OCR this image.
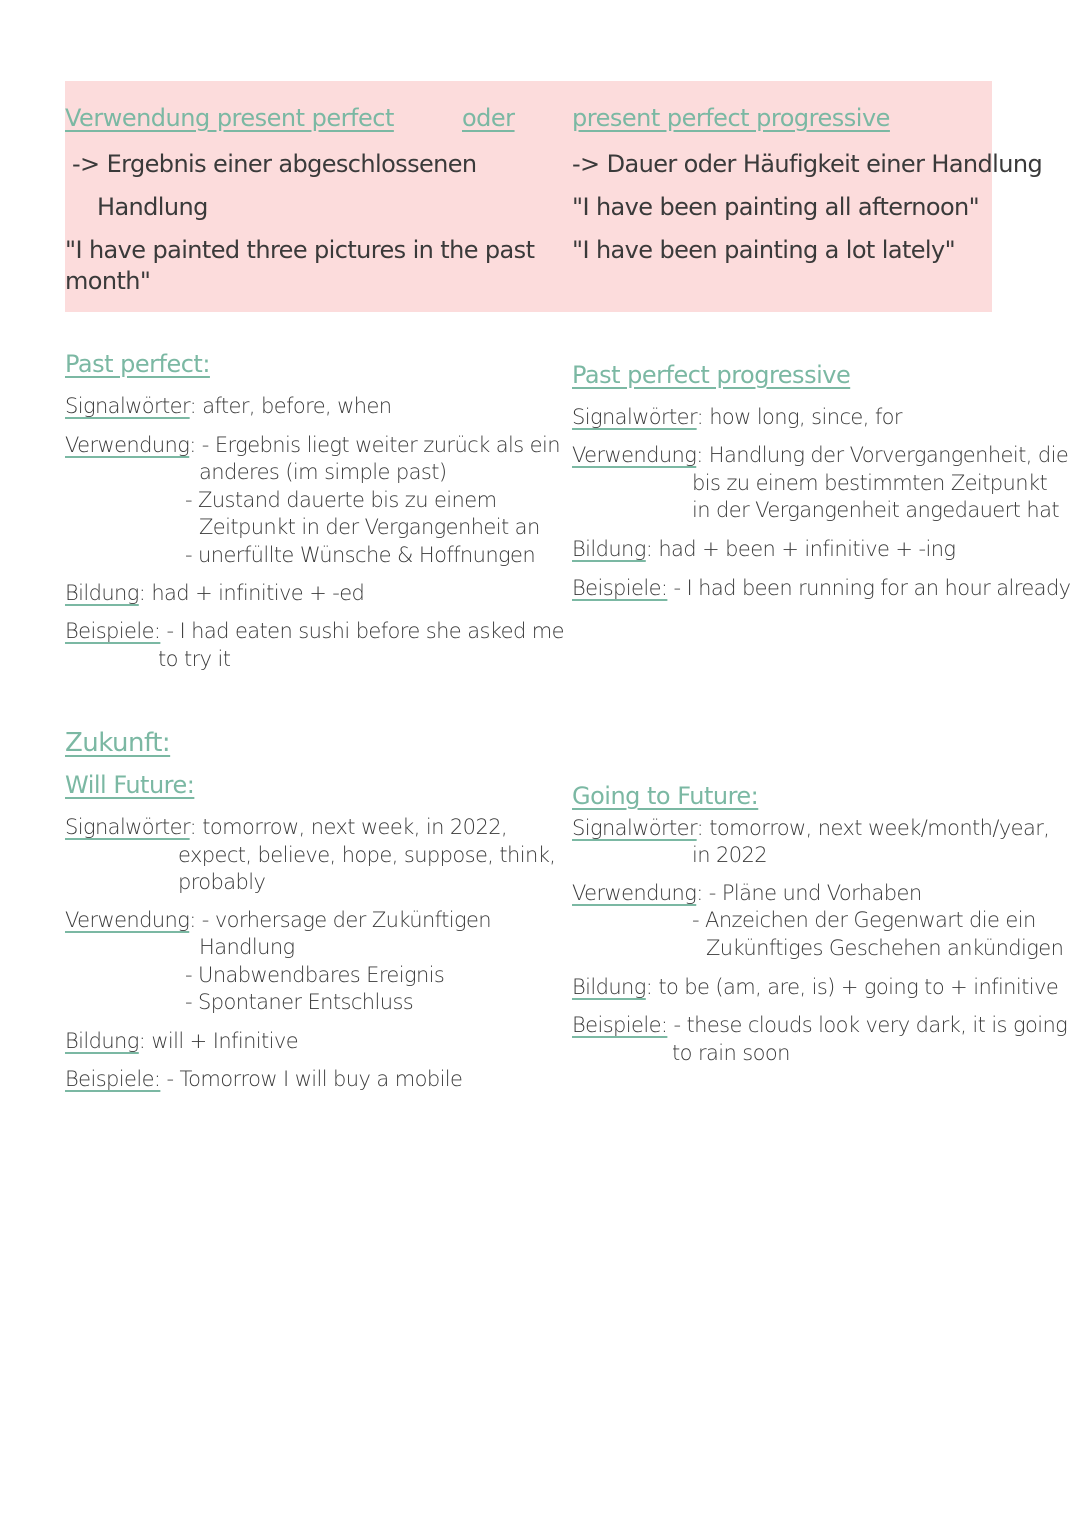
Verwendung present perfect	oder present perfect progressive
-> Ergebnis einer abgeschlossenen
Handlung
"I have painted three pictures in the past
month"
-> Dauer oder Häufigkeit einer Handlung
"I have been painting all afternoon"
"I have been painting a lot lately"
Past perfect:
Signalwörter: after, before, when
Verwendung: - Ergebnis liegt weiter zurück als ein
anderes (im simple past)
- Zustand dauerte bis zu einem
Zeitpunkt in der Vergangenheit an
- unerfüllte Wünsche & Hoffnungen
Bildung: had + infinitive + -ed
Beispiele: - I had eaten sushi before she asked me
to try it
Past perfect progressive
Signalwörter: how long, since, for
Verwendung: Handlung der Vorvergangenheit, die
bis zu einem bestimmten Zeitpunkt
in der Vergangenheit angedauert hat
Bildung: had + been + infinitive + -ing
Beispiele: - I had been running for an hour already
Zukunft:
Will Future:
Signalwörter: tomorrow, next week, in 2022,
expect, believe, hope, suppose, think,
probably
Verwendung: - vorhersage der Zukünftigen
Handlung
- Unabwendbares Ereignis
- Spontaner Entschluss
Bildung: will + Infinitive
Beispiele: - Tomorrow I will buy a mobile
Going to Future:
Signalwörter: tomorrow, next week/month/year,
in 2022
Verwendung: - Pläne und Vorhaben
- Anzeichen der Gegenwart die ein
Zukünftiges Geschehen ankündigen
Bildung: to be (am, are, is) + going to + infinitive
Beispiele: - these clouds look very dark, it is going
to rain soon
